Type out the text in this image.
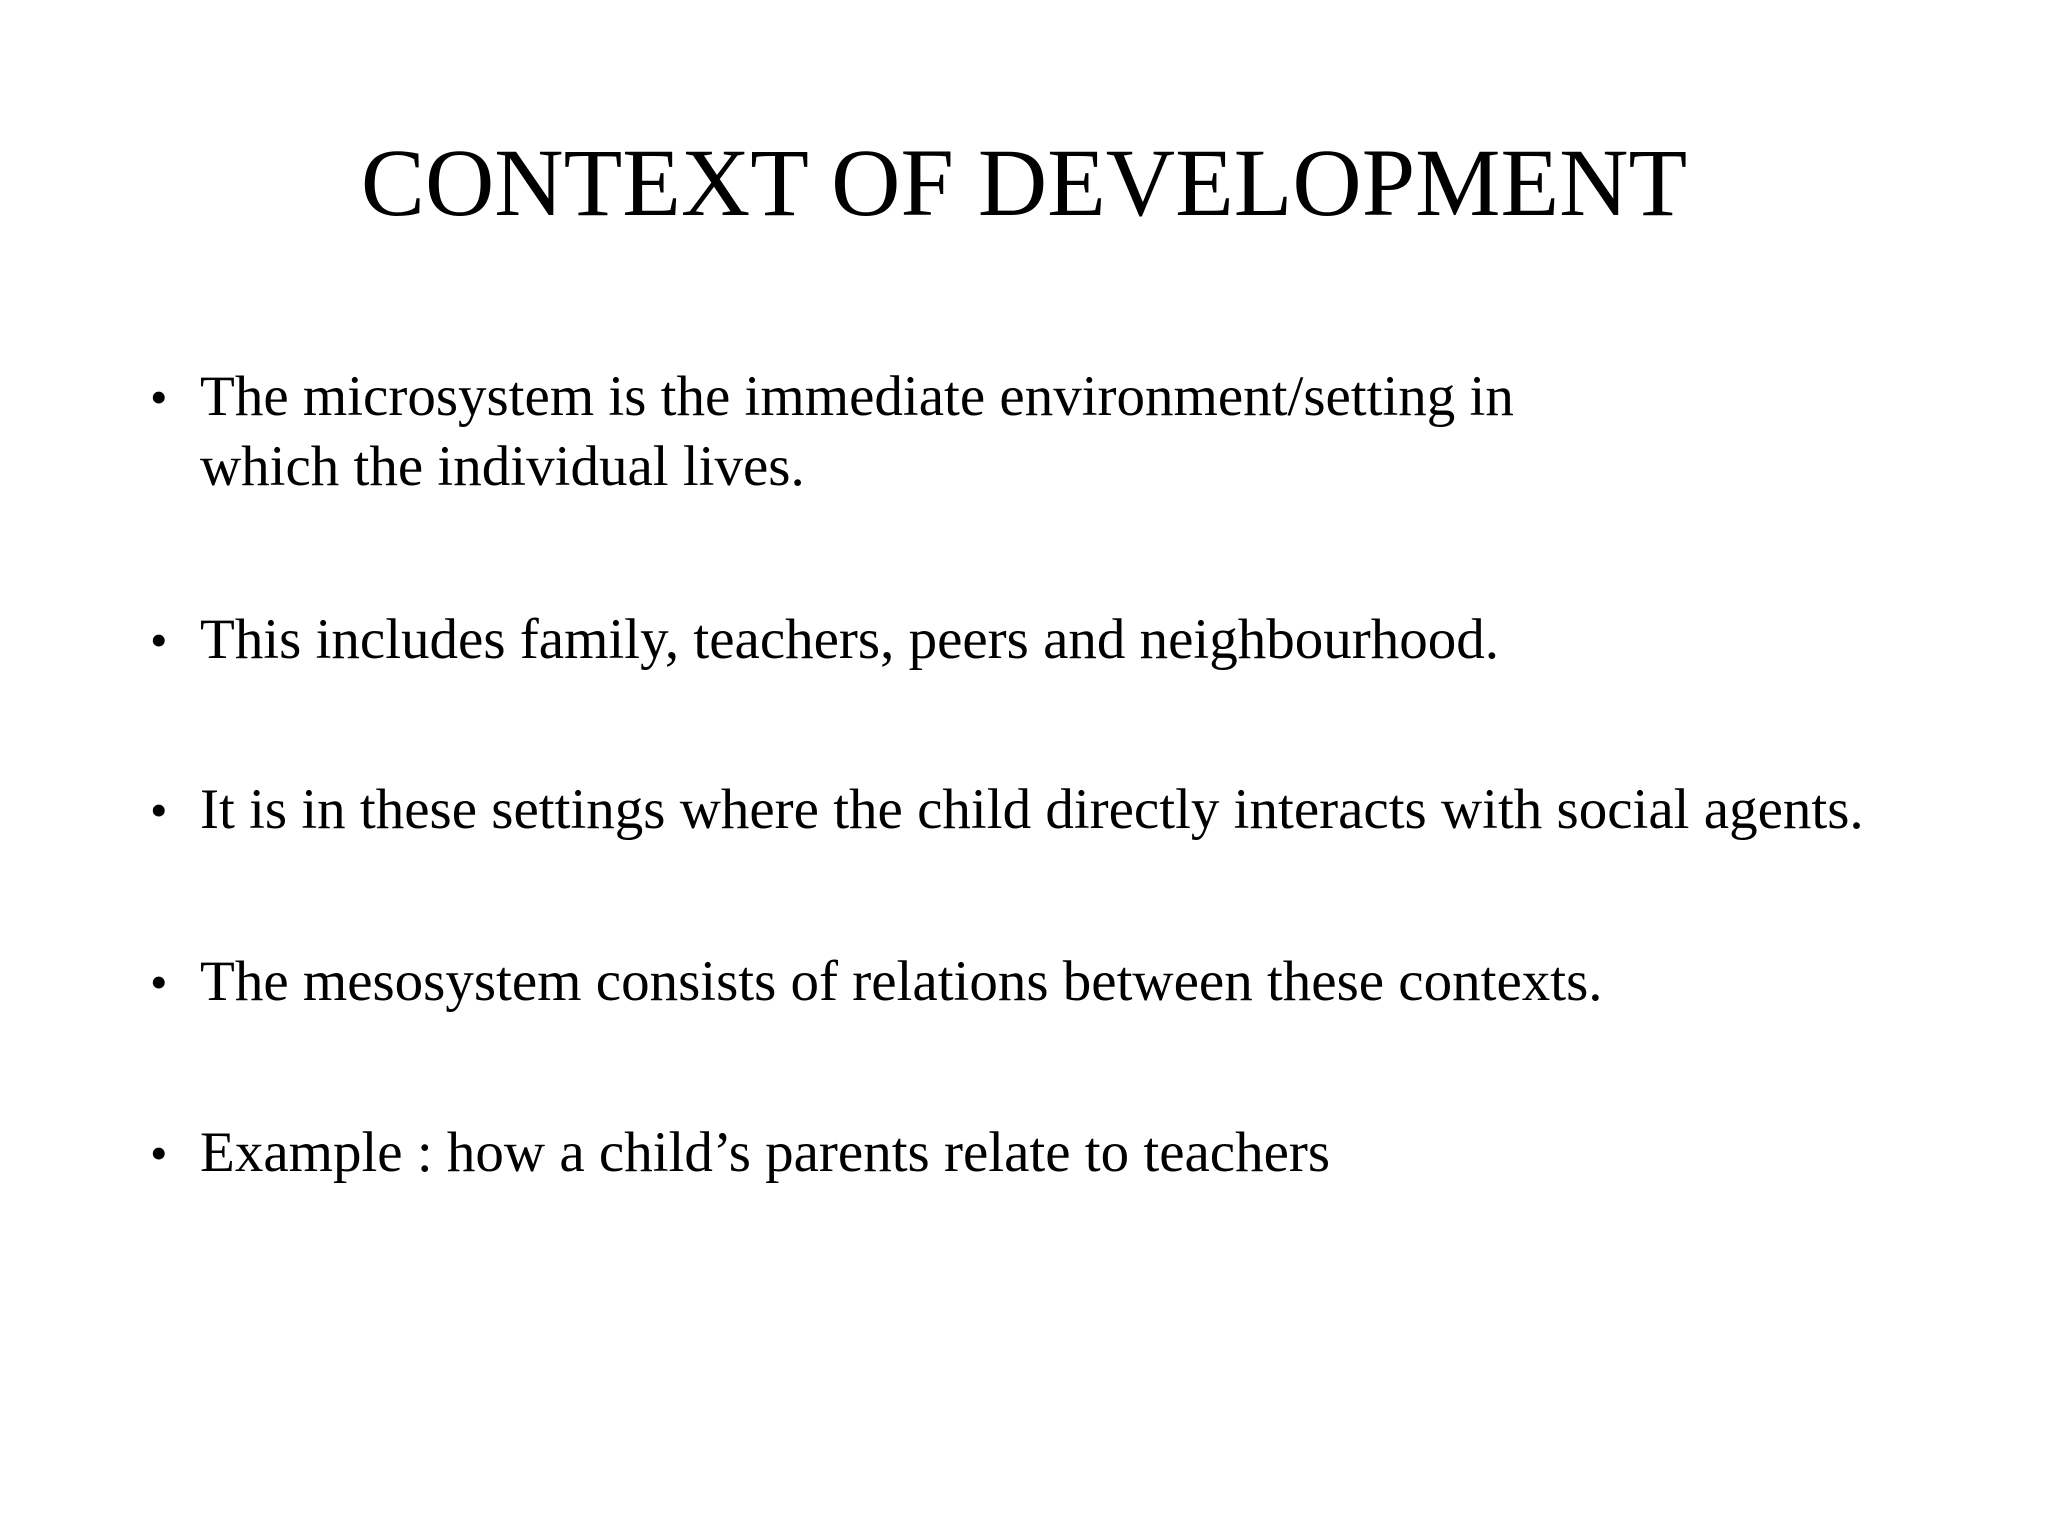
CONTEXT OF DEVELOPMENT
• The microsystem is the immediate environment/setting in
which the individual lives.
• This includes family, teachers, peers and neighbourhood.
• It is in these settings where the child directly interacts with social agents.
• The mesosystem consists of relations between these contexts.
• Example : how a child’s parents relate to teachers
